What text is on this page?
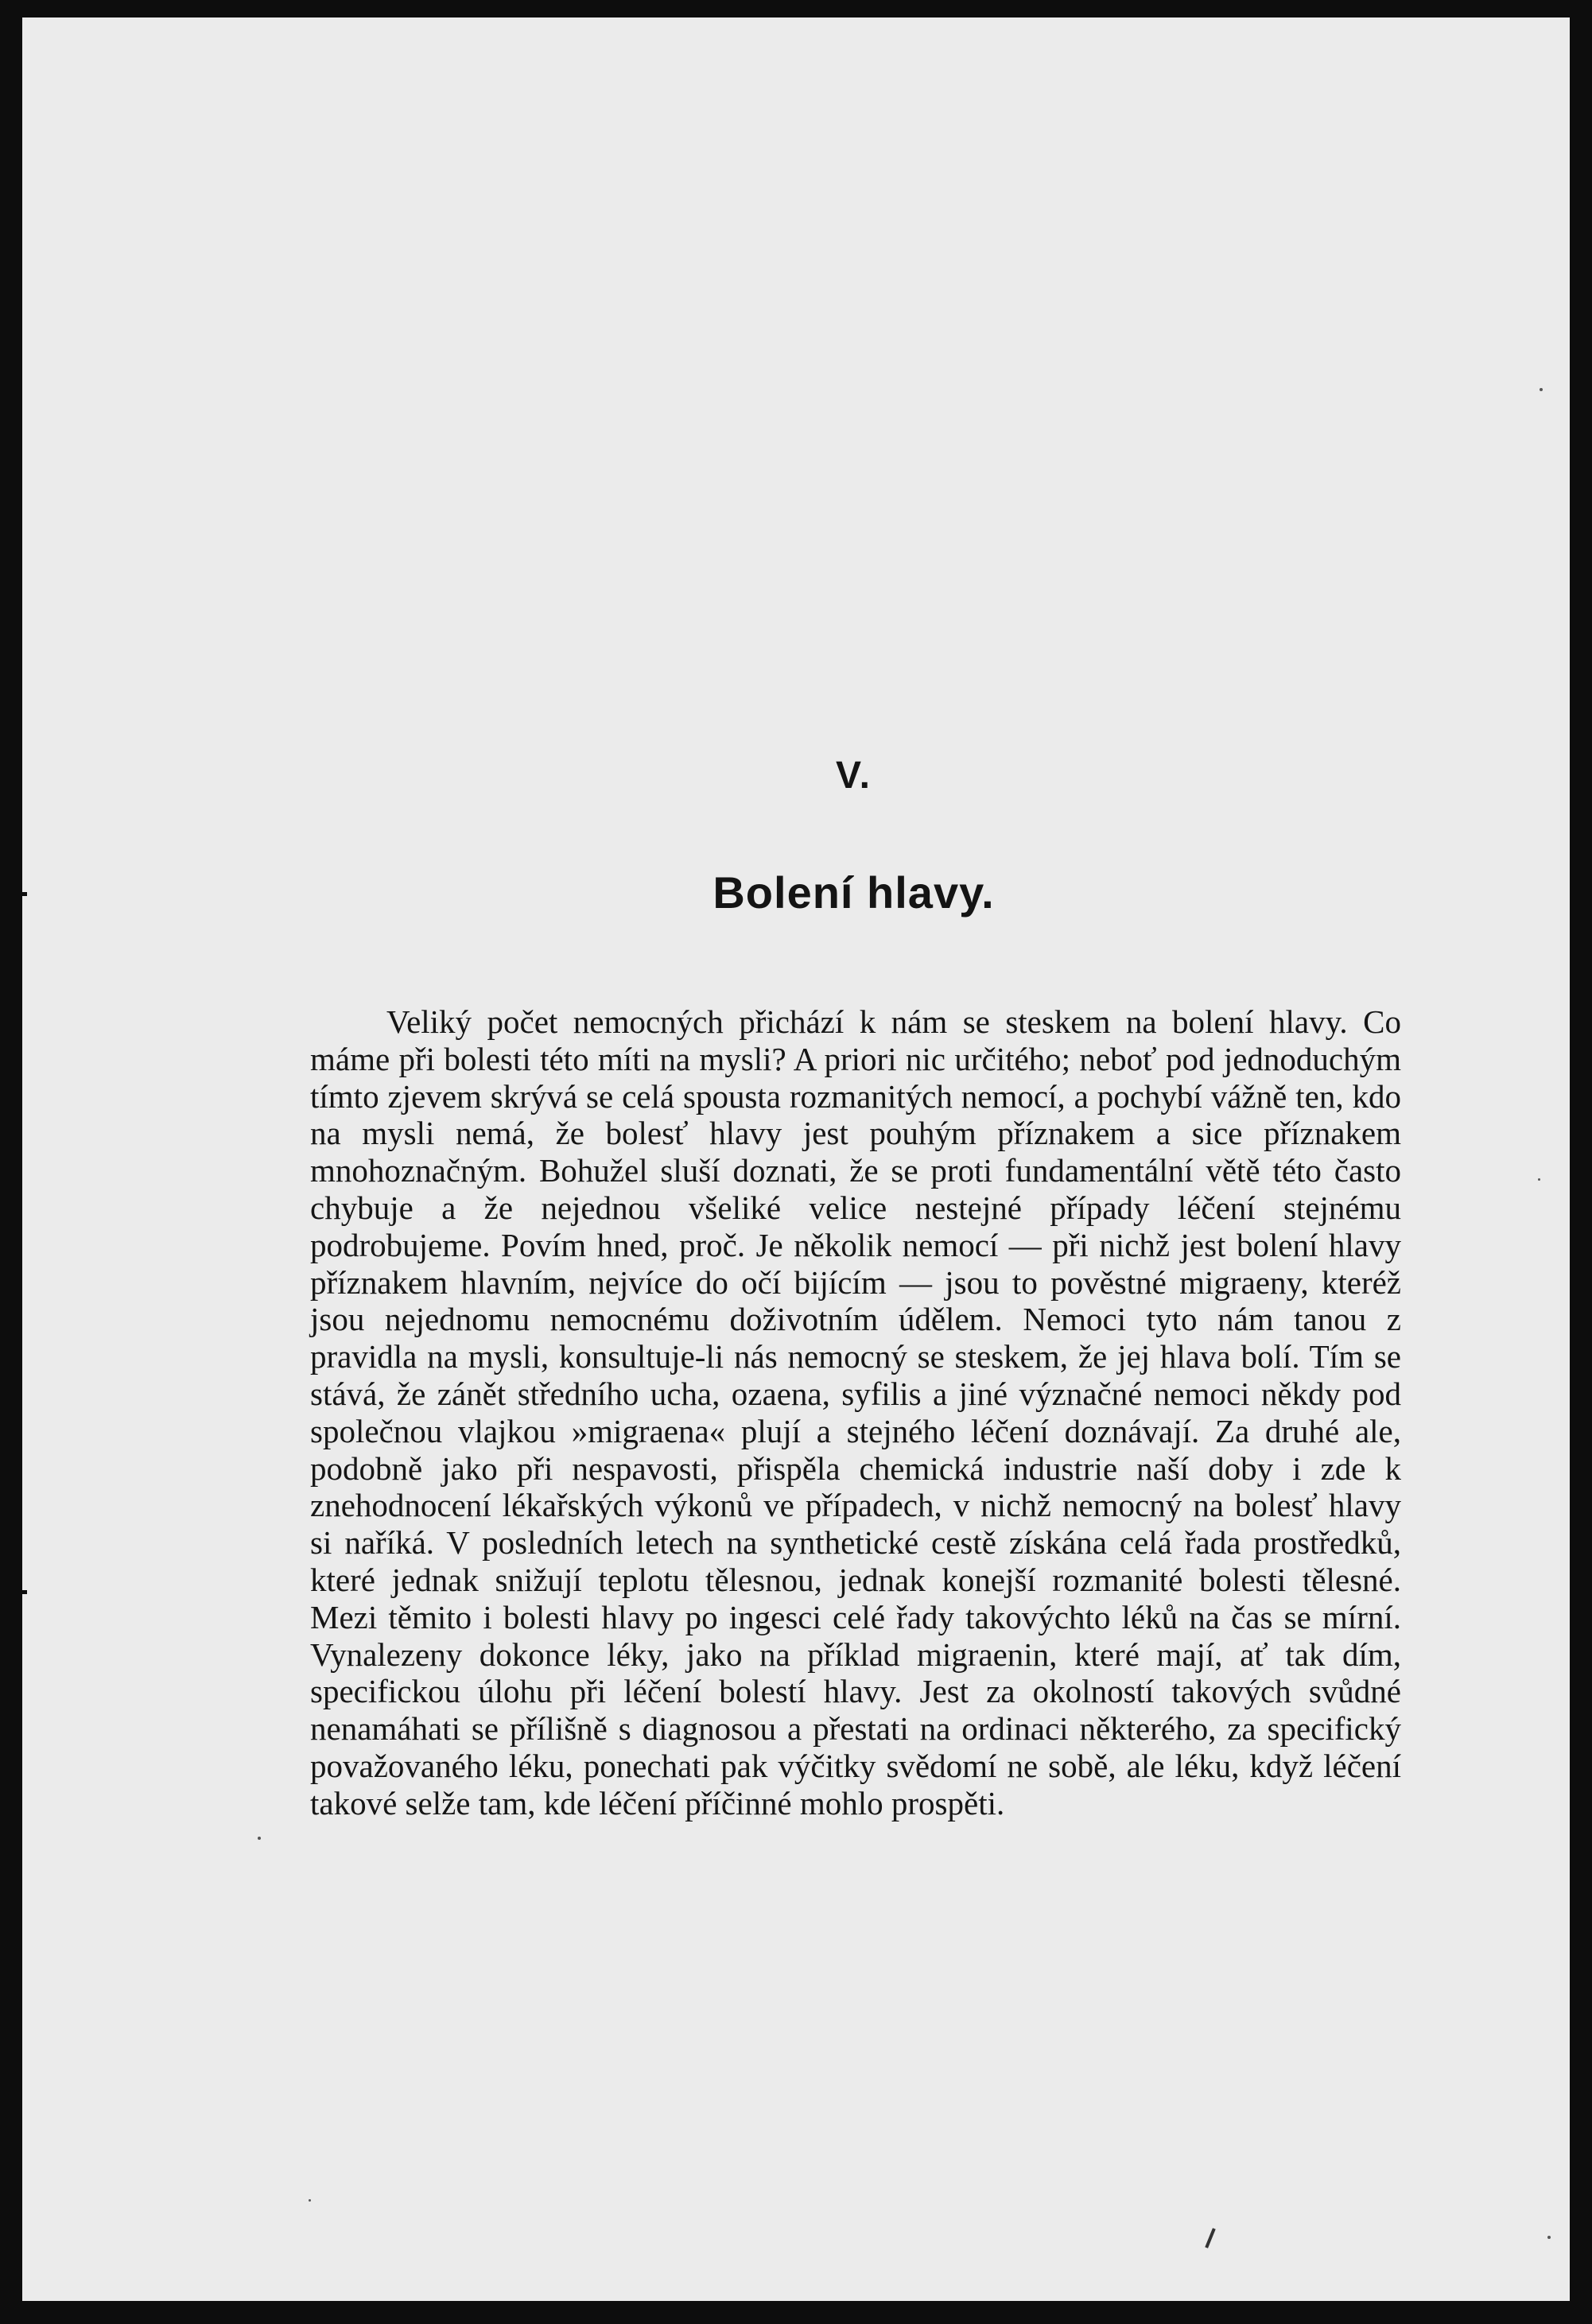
V.
Bolení hlavy.

Veliký počet nemocných přichází k nám se steskem na bolení hlavy. Co máme při bolesti této míti na mysli? A priori nic určitého; neboť pod jednoduchým tímto zjevem skrývá se celá spousta rozmanitých nemocí, a pochybí vážně ten, kdo na mysli nemá, že bolesť hlavy jest pouhým příznakem a sice příznakem mnohoznačným. Bohužel sluší doznati, že se proti fundamentální větě této často chybuje a že nejednou všeliké velice nestejné případy léčení stejnému podrobujeme. Povím hned, proč. Je několik nemocí — při nichž jest bolení hlavy příznakem hlavním, nejvíce do očí bijícím — jsou to pověstné migraeny, kteréž jsou nejednomu nemocnému doživotním údělem. Nemoci tyto nám tanou z pravidla na mysli, konsultuje-li nás nemocný se steskem, že jej hlava bolí. Tím se stává, že zánět středního ucha, ozaena, syfilis a jiné význačné nemoci někdy pod společnou vlajkou »migraena« plují a stejného léčení doznávají. Za druhé ale, podobně jako při nespavosti, přispěla chemická industrie naší doby i zde k znehodnocení lékařských výkonů ve případech, v nichž nemocný na bolesť hlavy si naříká. V posledních letech na synthetické cestě získána celá řada prostředků, které jednak snižují teplotu tělesnou, jednak konejší rozmanité bolesti tělesné. Mezi těmito i bolesti hlavy po ingesci celé řady takovýchto léků na čas se mírní. Vynalezeny dokonce léky, jako na příklad migraenin, které mají, ať tak dím, specifickou úlohu při léčení bolestí hlavy. Jest za okolností takových svůdné nenamáhati se přílišně s diagnosou a přestati na ordinaci některého, za specifický považovaného léku, ponechati pak výčitky svědomí ne sobě, ale léku, když léčení takové selže tam, kde léčení příčinné mohlo prospěti.
